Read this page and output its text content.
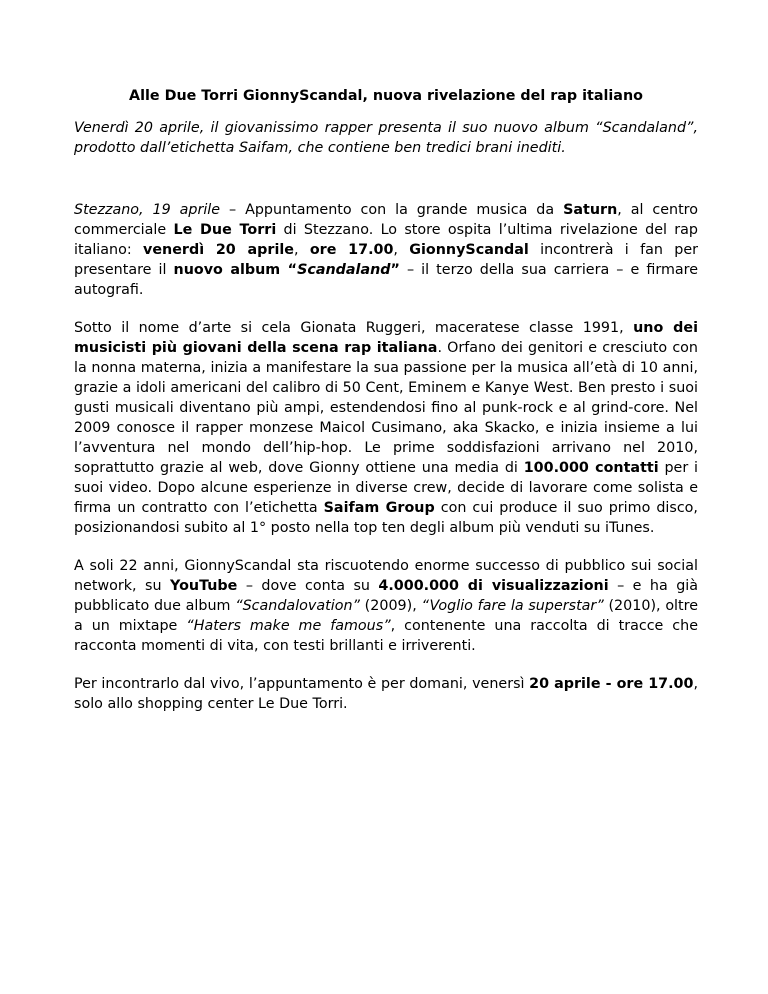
Alle Due Torri GionnyScandal, nuova rivelazione del rap italiano

Venerdì 20 aprile, il giovanissimo rapper presenta il suo nuovo album “Scandaland”, prodotto dall’etichetta Saifam, che contiene ben tredici brani inediti.

Stezzano, 19 aprile – Appuntamento con la grande musica da Saturn, al centro commerciale Le Due Torri di Stezzano. Lo store ospita l’ultima rivelazione del rap italiano: venerdì 20 aprile, ore 17.00, GionnyScandal incontrerà i fan per presentare il nuovo album “Scandaland” – il terzo della sua carriera – e firmare autografi.

Sotto il nome d’arte si cela Gionata Ruggeri, maceratese classe 1991, uno dei musicisti più giovani della scena rap italiana. Orfano dei genitori e cresciuto con la nonna materna, inizia a manifestare la sua passione per la musica all’età di 10 anni, grazie a idoli americani del calibro di 50 Cent, Eminem e Kanye West. Ben presto i suoi gusti musicali diventano più ampi, estendendosi fino al punk-rock e al grind-core. Nel 2009 conosce il rapper monzese Maicol Cusimano, aka Skacko, e inizia insieme a lui l’avventura nel mondo dell’hip-hop. Le prime soddisfazioni arrivano nel 2010, soprattutto grazie al web, dove Gionny ottiene una media di 100.000 contatti per i suoi video. Dopo alcune esperienze in diverse crew, decide di lavorare come solista e firma un contratto con l’etichetta Saifam Group con cui produce il suo primo disco, posizionandosi subito al 1° posto nella top ten degli album più venduti su iTunes.

A soli 22 anni, GionnyScandal sta riscuotendo enorme successo di pubblico sui social network, su YouTube – dove conta su 4.000.000 di visualizzazioni – e ha già pubblicato due album “Scandalovation” (2009), “Voglio fare la superstar” (2010), oltre a un mixtape “Haters make me famous”, contenente una raccolta di tracce che racconta momenti di vita, con testi brillanti e irriverenti.

Per incontrarlo dal vivo, l’appuntamento è per domani, venersì 20 aprile - ore 17.00, solo allo shopping center Le Due Torri.
